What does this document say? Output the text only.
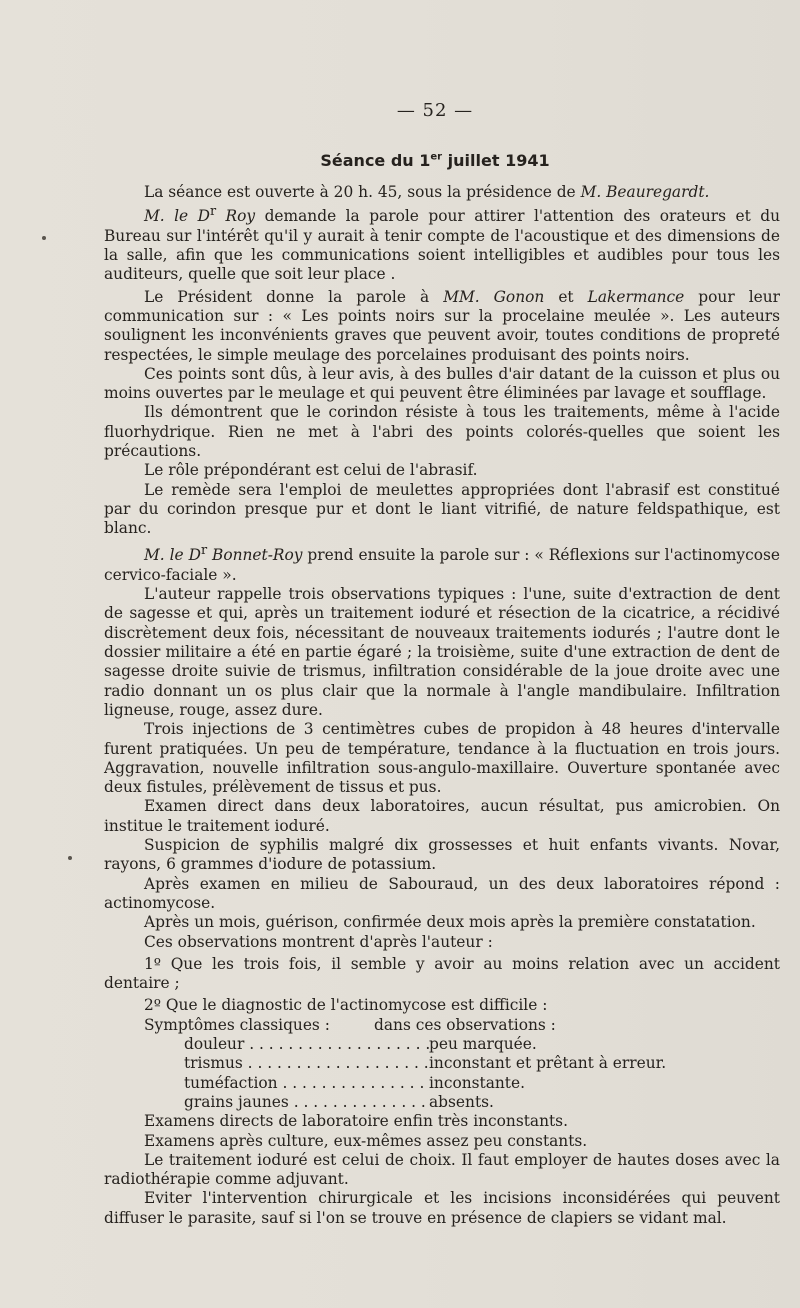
— 52 —
Séance du 1er juillet 1941

La séance est ouverte à 20 h. 45, sous la présidence de M. Beauregardt.

M. le $D^r$ Roy demande la parole pour attirer l'attention des orateurs et du Bureau sur l'intérêt qu'il y aurait à tenir compte de l'acoustique et des dimensions de la salle, afin que les communications soient intelligibles et audibles pour tous les auditeurs, quelle que soit leur place .

Le Président donne la parole à MM. Gonon et Lakermance pour leur communication sur : « Les points noirs sur la procelaine meulée ». Les auteurs soulignent les inconvénients graves que peuvent avoir, toutes conditions de propreté respectées, le simple meulage des porcelaines produisant des points noirs.

Ces points sont dûs, à leur avis, à des bulles d'air datant de la cuisson et plus ou moins ouvertes par le meulage et qui peuvent être éliminées par lavage et soufflage.

Ils démontrent que le corindon résiste à tous les traitements, même à l'acide fluorhydrique. Rien ne met à l'abri des points colorés-quelles que soient les précautions.

Le rôle prépondérant est celui de l'abrasif.

Le remède sera l'emploi de meulettes appropriées dont l'abrasif est constitué par du corindon presque pur et dont le liant vitrifié, de nature feldspathique, est blanc.

M. le $D^r$ Bonnet-Roy prend ensuite la parole sur : « Réflexions sur l'actinomycose cervico-faciale ».

L'auteur rappelle trois observations typiques : l'une, suite d'extraction de dent de sagesse et qui, après un traitement ioduré et résection de la cicatrice, a récidivé discrètement deux fois, nécessitant de nouveaux traitements iodurés ; l'autre dont le dossier militaire a été en partie égaré ; la troisième, suite d'une extraction de dent de sagesse droite suivie de trismus, infiltration considérable de la joue droite avec une radio donnant un os plus clair que la normale à l'angle mandibulaire. Infiltration ligneuse, rouge, assez dure.

Trois injections de 3 centimètres cubes de propidon à 48 heures d'intervalle furent pratiquées. Un peu de température, tendance à la fluctuation en trois jours. Aggravation, nouvelle infiltration sous-angulo-maxillaire. Ouverture spontanée avec deux fistules, prélèvement de tissus et pus.

Examen direct dans deux laboratoires, aucun résultat, pus amicrobien. On institue le traitement ioduré.

Suspicion de syphilis malgré dix grossesses et huit enfants vivants. Novar, rayons, 6 grammes d'iodure de potassium.

Après examen en milieu de Sabouraud, un des deux laboratoires répond : actinomycose.

Après un mois, guérison, confirmée deux mois après la première constatation.

Ces observations montrent d'après l'auteur :

1º Que les trois fois, il semble y avoir au moins relation avec un accident dentaire ;

2º Que le diagnostic de l'actinomycose est difficile :

Symptômes classiques :	dans ces observations :
douleur . . .	peu marquée.
trismus . . .	inconstant et prêtant à erreur.
tuméfaction . . .	inconstante.
grains jaunes . . .	absents.

Examens directs de laboratoire enfin très inconstants.

Examens après culture, eux-mêmes assez peu constants.

Le traitement ioduré est celui de choix. Il faut employer de hautes doses avec la radiothérapie comme adjuvant.

Eviter l'intervention chirurgicale et les incisions inconsidérées qui peuvent diffuser le parasite, sauf si l'on se trouve en présence de clapiers se vidant mal.
